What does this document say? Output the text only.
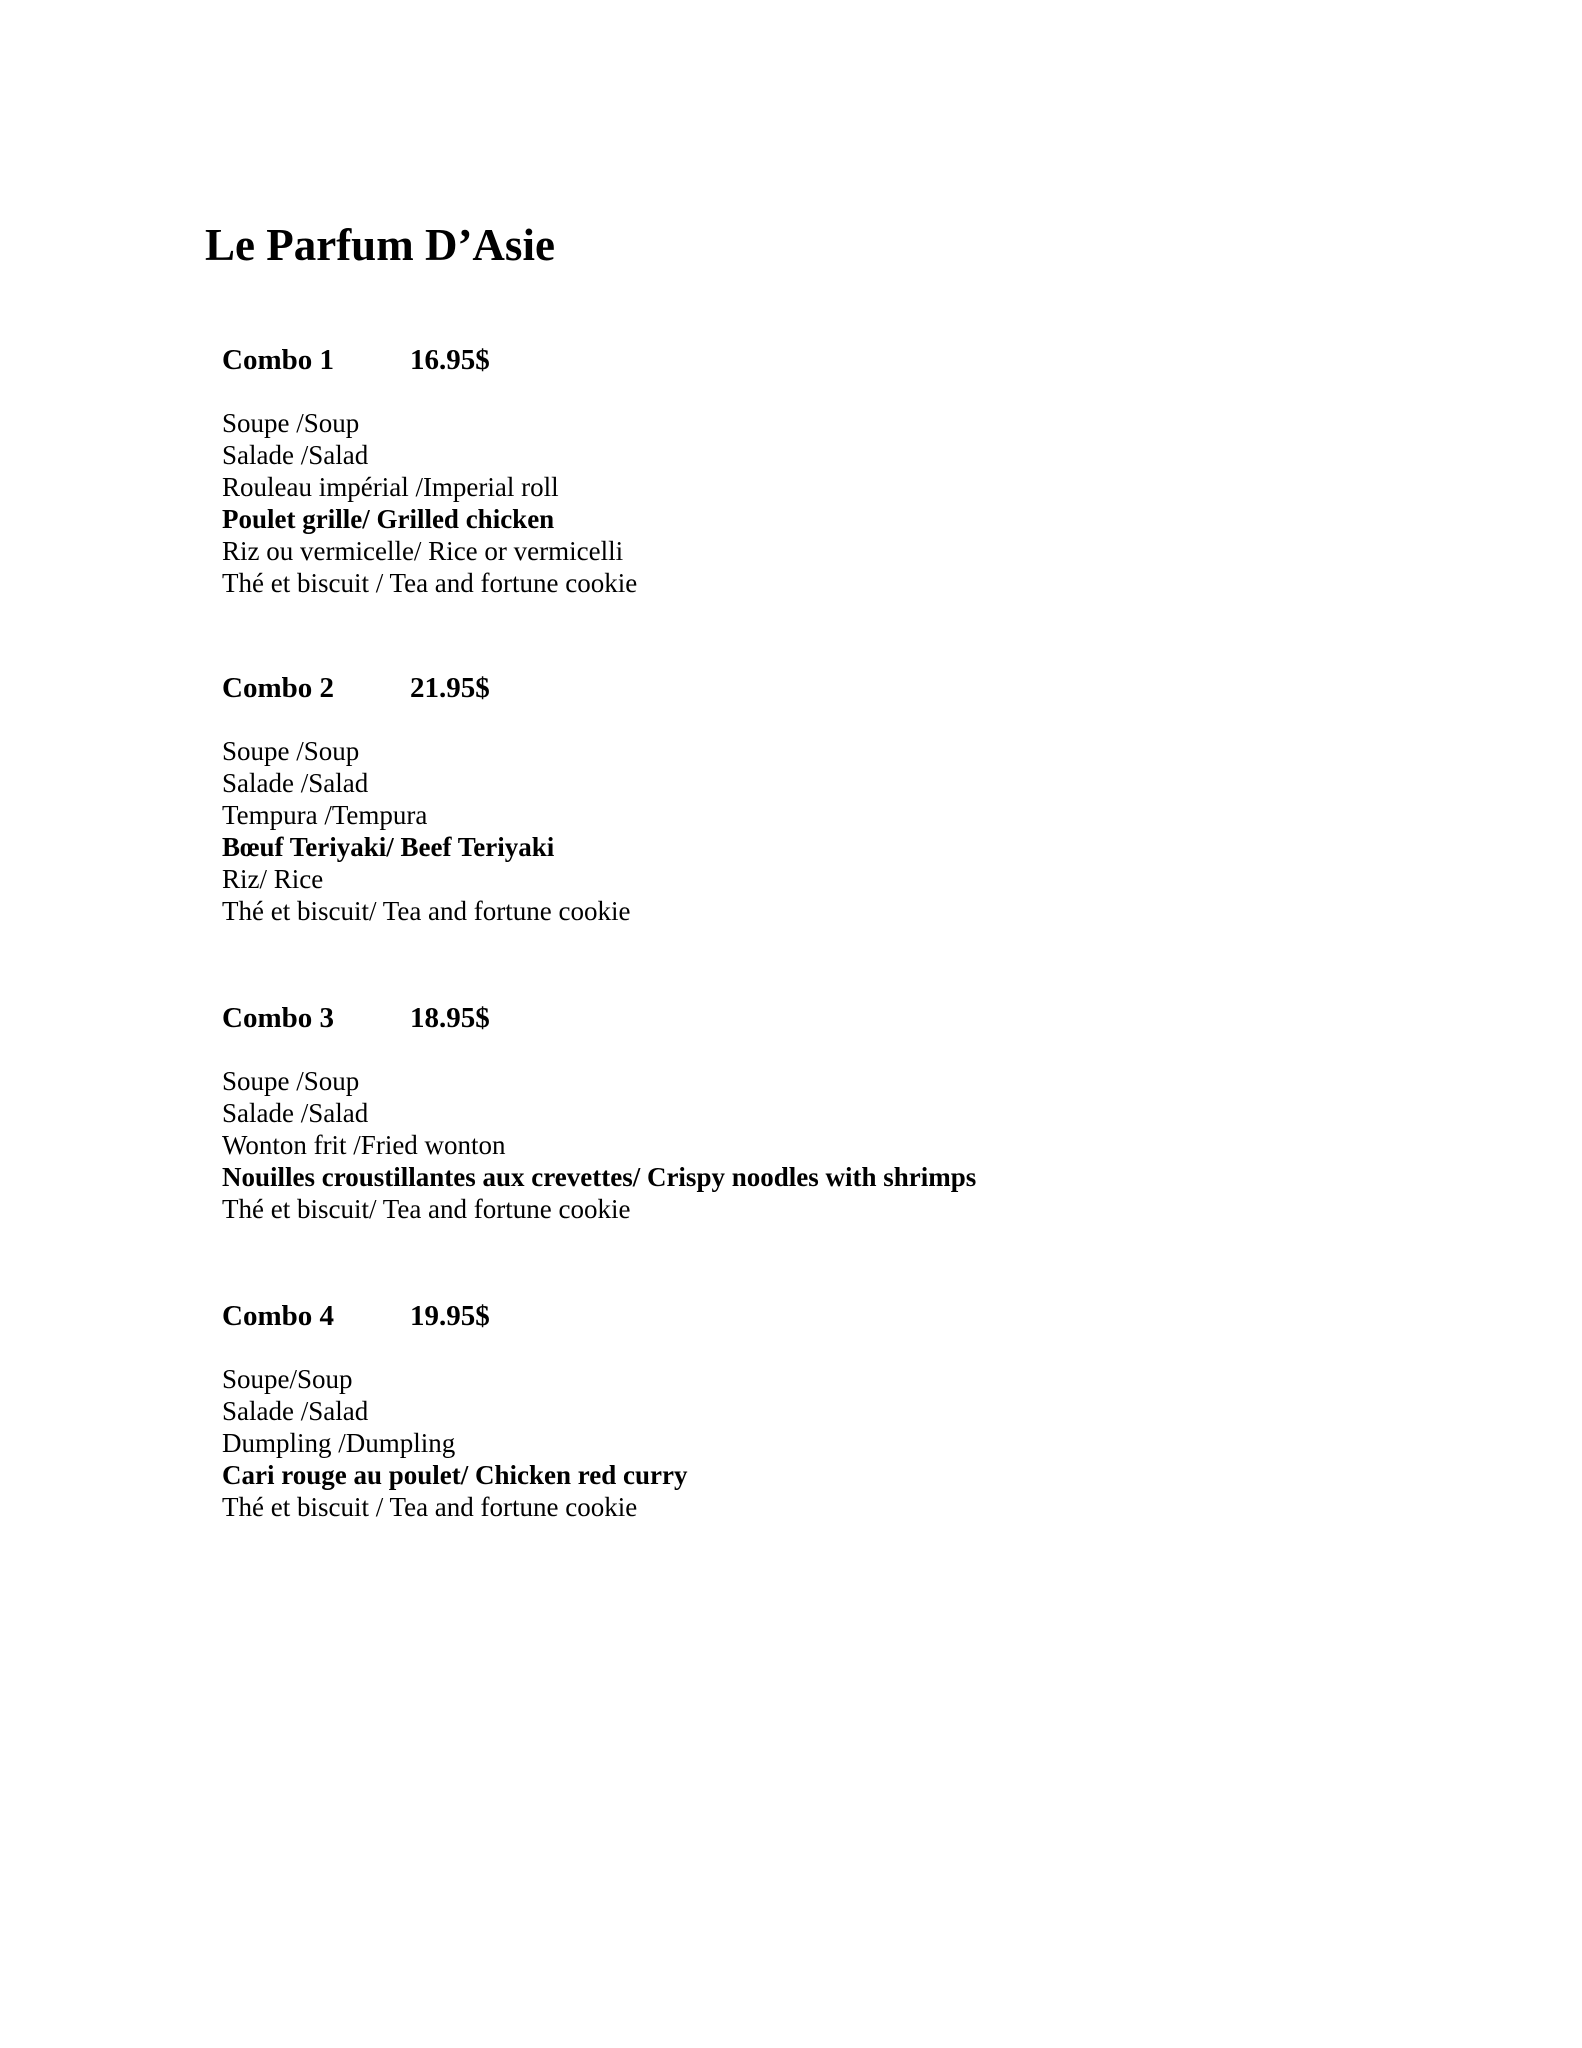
Le Parfum D’Asie
Combo 1	16.95$
Soupe /Soup
Salade /Salad
Rouleau impérial /Imperial roll
Poulet grille/ Grilled chicken
Riz ou vermicelle/ Rice or vermicelli
Thé et biscuit / Tea and fortune cookie
Combo 2	21.95$
Soupe /Soup
Salade /Salad
Tempura /Tempura
Bœuf Teriyaki/ Beef Teriyaki
Riz/ Rice
Thé et biscuit/ Tea and fortune cookie
Combo 3	18.95$
Soupe /Soup
Salade /Salad
Wonton frit /Fried wonton
Nouilles croustillantes aux crevettes/ Crispy noodles with shrimps
Thé et biscuit/ Tea and fortune cookie
Combo 4	19.95$
Soupe/Soup
Salade /Salad
Dumpling /Dumpling
Cari rouge au poulet/ Chicken red curry
Thé et biscuit / Tea and fortune cookie
